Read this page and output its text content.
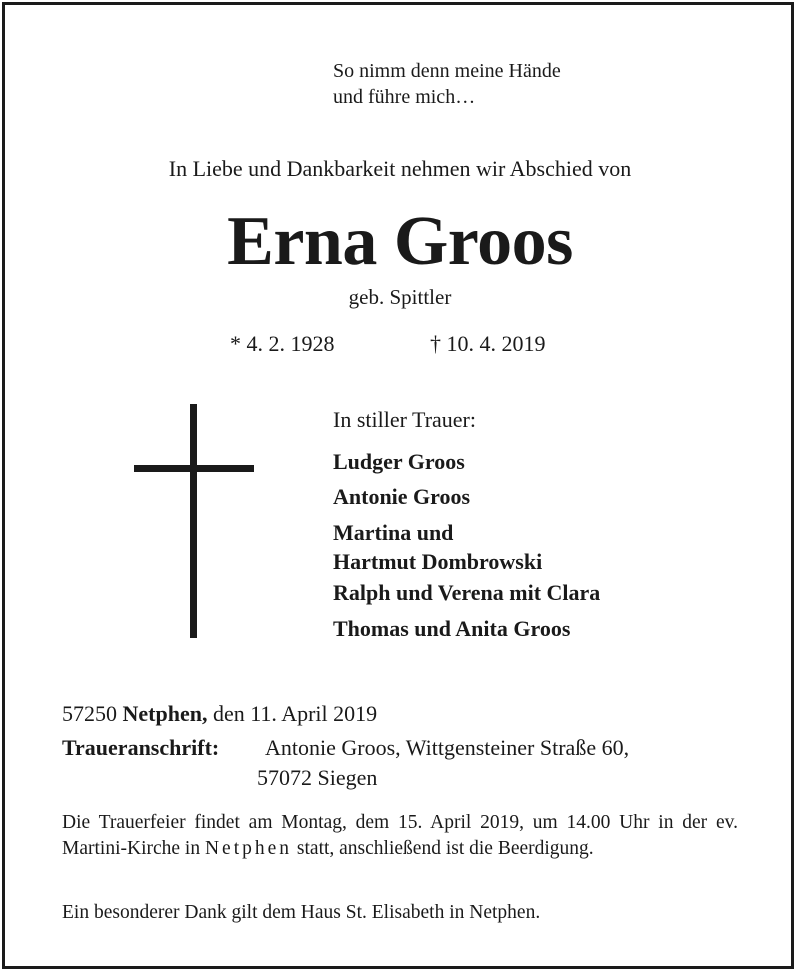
So nimm denn meine Hände
und führe mich…
In Liebe und Dankbarkeit nehmen wir Abschied von
Erna Groos
geb. Spittler
* 4. 2. 1928	† 10. 4. 2019
In stiller Trauer:
Ludger Groos
Antonie Groos
Martina und
Hartmut Dombrowski
Ralph und Verena mit Clara
Thomas und Anita Groos
57250 Netphen, den 11. April 2019
Traueranschrift: Antonie Groos, Wittgensteiner Straße 60,
57072 Siegen
Die Trauerfeier findet am Montag, dem 15. April 2019, um 14.00 Uhr in der ev. Martini-Kirche in Netphen statt, anschließend ist die Beerdigung.
Ein besonderer Dank gilt dem Haus St. Elisabeth in Netphen.
